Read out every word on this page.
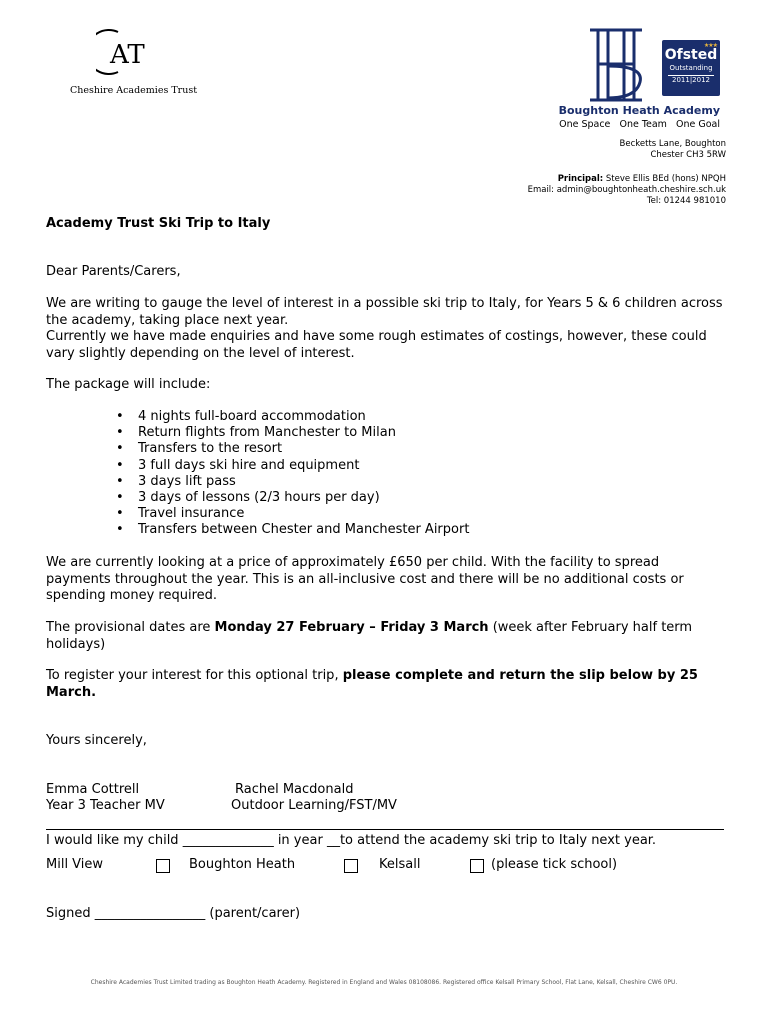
AT
Cheshire Academies Trust
★★★
Ofsted
Outstanding
2011|2012
Boughton Heath Academy
One Space   One Team   One Goal
Becketts Lane, Boughton
Chester CH3 5RW
Principal: Steve Ellis BEd (hons) NPQH
Email: admin@boughtonheath.cheshire.sch.uk
Tel: 01244 981010
Academy Trust Ski Trip to Italy
Dear Parents/Carers,
We are writing to gauge the level of interest in a possible ski trip to Italy, for Years 5 & 6 children across the academy, taking place next year.
Currently we have made enquiries and have some rough estimates of costings, however, these could vary slightly depending on the level of interest.
The package will include:
• 4 nights full-board accommodation
• Return flights from Manchester to Milan
• Transfers to the resort
• 3 full days ski hire and equipment
• 3 days lift pass
• 3 days of lessons (2/3 hours per day)
• Travel insurance
• Transfers between Chester and Manchester Airport
We are currently looking at a price of approximately £650 per child. With the facility to spread payments throughout the year. This is an all-inclusive cost and there will be no additional costs or spending money required.
The provisional dates are Monday 27 February – Friday 3 March (week after February half term holidays)
To register your interest for this optional trip, please complete and return the slip below by 25 March.
Yours sincerely,
Emma Cottrell
Year 3 Teacher MV
Rachel Macdonald
Outdoor Learning/FST/MV
I would like my child ______________ in year __to attend the academy ski trip to Italy next year.
Mill View	Boughton Heath	Kelsall	(please tick school)
Signed _________________ (parent/carer)
Cheshire Academies Trust Limited trading as Boughton Heath Academy. Registered in England and Wales 08108086. Registered office Kelsall Primary School, Flat Lane, Kelsall, Cheshire CW6 0PU.
